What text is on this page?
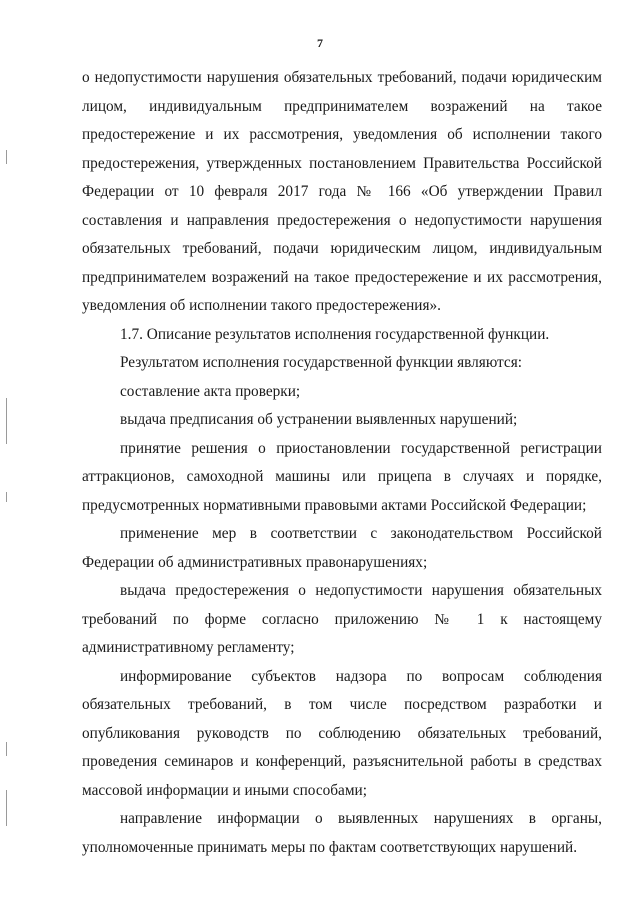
7

о недопустимости нарушения обязательных требований, подачи юридическим лицом, индивидуальным предпринимателем возражений на такое предостережение и их рассмотрения, уведомления об исполнении такого предостережения, утвержденных постановлением Правительства Российской Федерации от 10 февраля 2017 года № 166 «Об утверждении Правил составления и направления предостережения о недопустимости нарушения обязательных требований, подачи юридическим лицом, индивидуальным предпринимателем возражений на такое предостережение и их рассмотрения, уведомления об исполнении такого предостережения».

1.7. Описание результатов исполнения государственной функции.

Результатом исполнения государственной функции являются:

составление акта проверки;

выдача предписания об устранении выявленных нарушений;

принятие решения о приостановлении государственной регистрации аттракционов, самоходной машины или прицепа в случаях и порядке, предусмотренных нормативными правовыми актами Российской Федерации;

применение мер в соответствии с законодательством Российской Федерации об административных правонарушениях;

выдача предостережения о недопустимости нарушения обязательных требований по форме согласно приложению № 1 к настоящему административному регламенту;

информирование субъектов надзора по вопросам соблюдения обязательных требований, в том числе посредством разработки и опубликования руководств по соблюдению обязательных требований, проведения семинаров и конференций, разъяснительной работы в средствах массовой информации и иными способами;

направление информации о выявленных нарушениях в органы, уполномоченные принимать меры по фактам соответствующих нарушений.
